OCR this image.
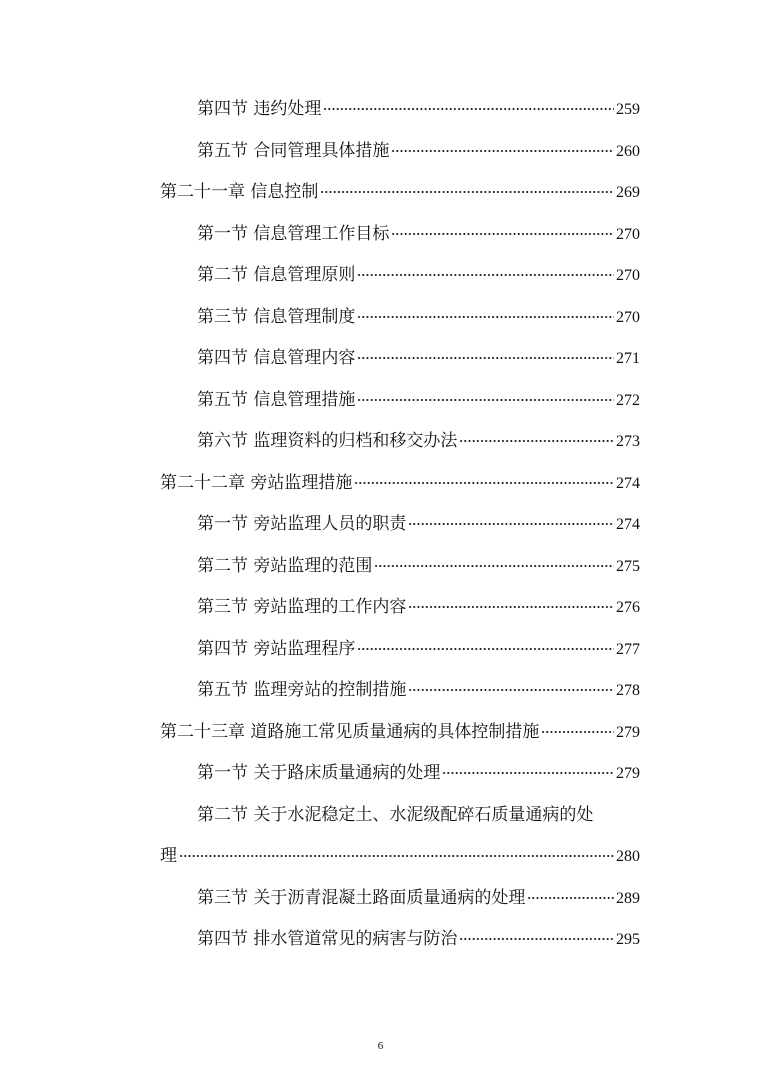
第四节 违约处理	259
第五节 合同管理具体措施	260
第二十一章 信息控制	269
第一节 信息管理工作目标	270
第二节 信息管理原则	270
第三节 信息管理制度	270
第四节 信息管理内容	271
第五节 信息管理措施	272
第六节 监理资料的归档和移交办法	273
第二十二章 旁站监理措施	274
第一节 旁站监理人员的职责	274
第二节 旁站监理的范围	275
第三节 旁站监理的工作内容	276
第四节 旁站监理程序	277
第五节 监理旁站的控制措施	278
第二十三章 道路施工常见质量通病的具体控制措施	279
第一节 关于路床质量通病的处理	279
第二节 关于水泥稳定土、水泥级配碎石质量通病的处
理	280
第三节 关于沥青混凝土路面质量通病的处理	289
第四节 排水管道常见的病害与防治	295
6
